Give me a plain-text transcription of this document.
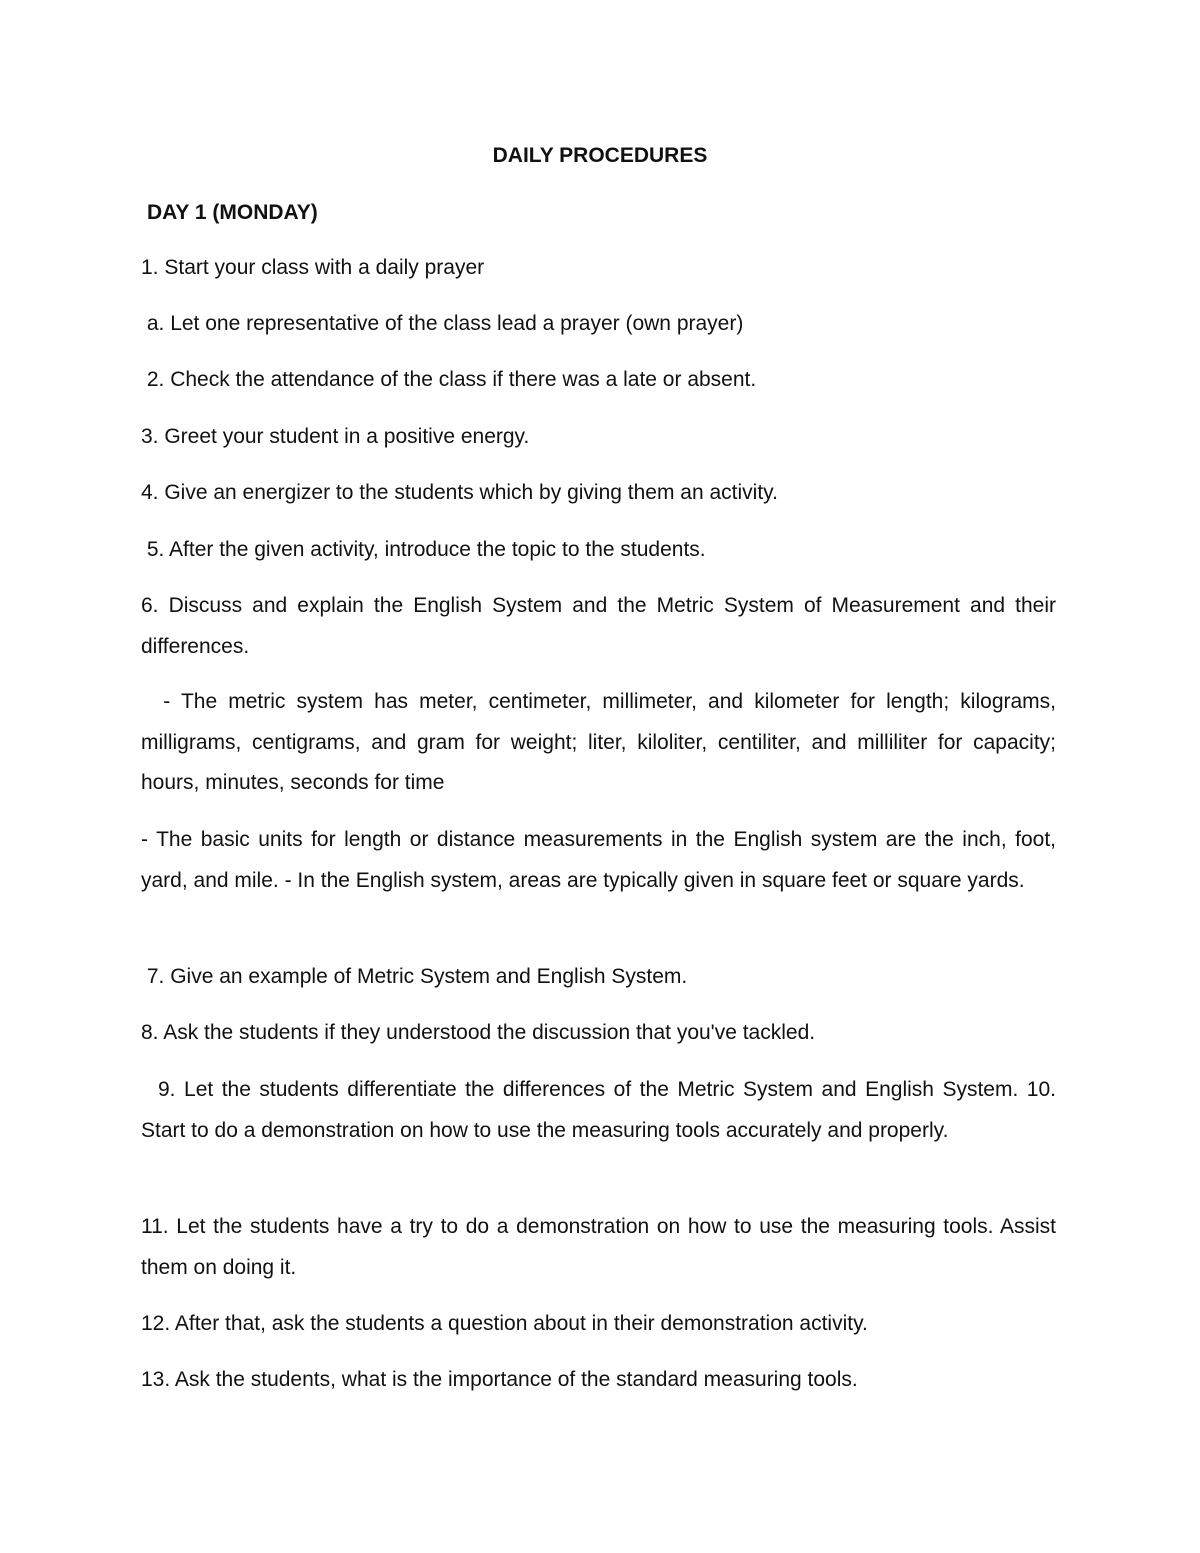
DAILY PROCEDURES
DAY 1 (MONDAY)

1. Start your class with a daily prayer

a. Let one representative of the class lead a prayer (own prayer)

2. Check the attendance of the class if there was a late or absent.

3. Greet your student in a positive energy.

4. Give an energizer to the students which by giving them an activity.

5. After the given activity, introduce the topic to the students.

6. Discuss and explain the English System and the Metric System of Measurement and their differences.

- The metric system has meter, centimeter, millimeter, and kilometer for length; kilograms, milligrams, centigrams, and gram for weight; liter, kiloliter, centiliter, and milliliter for capacity; hours, minutes, seconds for time

- The basic units for length or distance measurements in the English system are the inch, foot, yard, and mile. - In the English system, areas are typically given in square feet or square yards.

7. Give an example of Metric System and English System.

8. Ask the students if they understood the discussion that you've tackled.

9. Let the students differentiate the differences of the Metric System and English System. 10. Start to do a demonstration on how to use the measuring tools accurately and properly.

11. Let the students have a try to do a demonstration on how to use the measuring tools. Assist them on doing it.

12. After that, ask the students a question about in their demonstration activity.

13. Ask the students, what is the importance of the standard measuring tools.
